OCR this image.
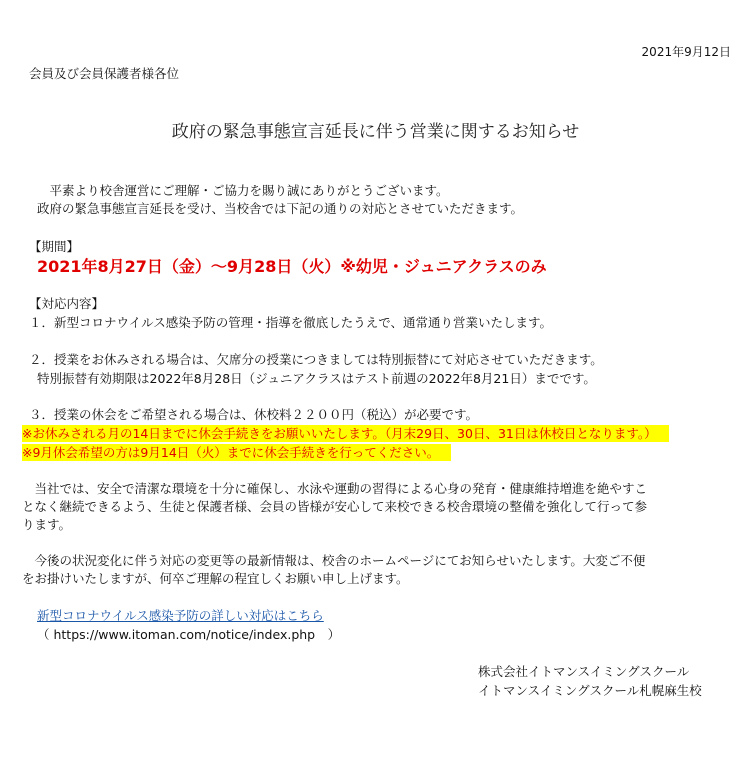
2021年9月12日
会員及び会員保護者様各位
政府の緊急事態宣言延長に伴う営業に関するお知らせ
　平素より校舎運営にご理解・ご協力を賜り誠にありがとうございます。
政府の緊急事態宣言延長を受け、当校舎では下記の通りの対応とさせていただきます。
【期間】
2021年8月27日（金）〜9月28日（火）※幼児・ジュニアクラスのみ
【対応内容】
１．新型コロナウイルス感染予防の管理・指導を徹底したうえで、通常通り営業いたします。
２．授業をお休みされる場合は、欠席分の授業につきましては特別振替にて対応させていただきます。
特別振替有効期限は2022年8月28日（ジュニアクラスはテスト前週の2022年8月21日）までです。
３．授業の休会をご希望される場合は、休校料２２００円（税込）が必要です。
※お休みされる月の14日までに休会手続きをお願いいたします。（月末29日、30日、31日は休校日となります。）
※9月休会希望の方は9月14日（火）までに休会手続きを行ってください。
　当社では、安全で清潔な環境を十分に確保し、水泳や運動の習得による心身の発育・健康維持増進を絶やすこ
となく継続できるよう、生徒と保護者様、会員の皆様が安心して来校できる校舎環境の整備を強化して行って参
ります。
　今後の状況変化に伴う対応の変更等の最新情報は、校舎のホームページにてお知らせいたします。大変ご不便
をお掛けいたしますが、何卒ご理解の程宜しくお願い申し上げます。
新型コロナウイルス感染予防の詳しい対応はこちら
（ https://www.itoman.com/notice/index.php　）
株式会社イトマンスイミングスクール
イトマンスイミングスクール札幌麻生校
